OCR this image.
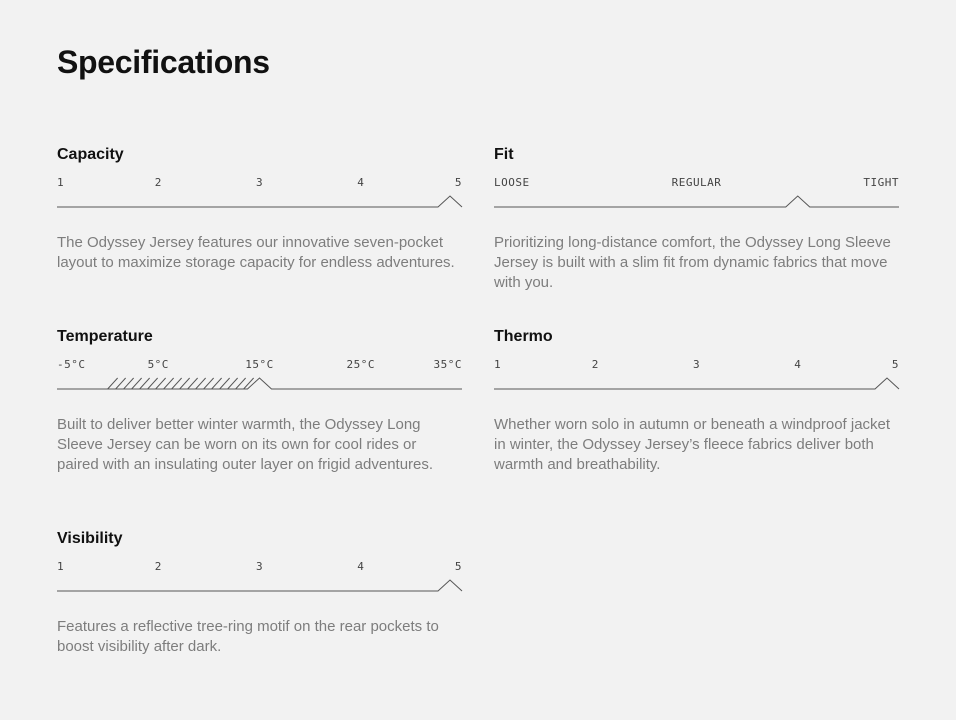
Specifications
Capacity
1	2	3	4	5

The Odyssey Jersey features our innovative seven-pocket layout to maximize storage capacity for endless adventures.

Fit
LOOSE	REGULAR	TIGHT

Prioritizing long-distance comfort, the Odyssey Long Sleeve Jersey is built with a slim fit from dynamic fabrics that move with you.

Temperature
-5°C	5°C	15°C	25°C	35°C

Built to deliver better winter warmth, the Odyssey Long Sleeve Jersey can be worn on its own for cool rides or paired with an insulating outer layer on frigid adventures.

Thermo
1	2	3	4	5

Whether worn solo in autumn or beneath a windproof jacket in winter, the Odyssey Jersey’s fleece fabrics deliver both warmth and breathability.

Visibility
1	2	3	4	5

Features a reflective tree-ring motif on the rear pockets to boost visibility after dark.
